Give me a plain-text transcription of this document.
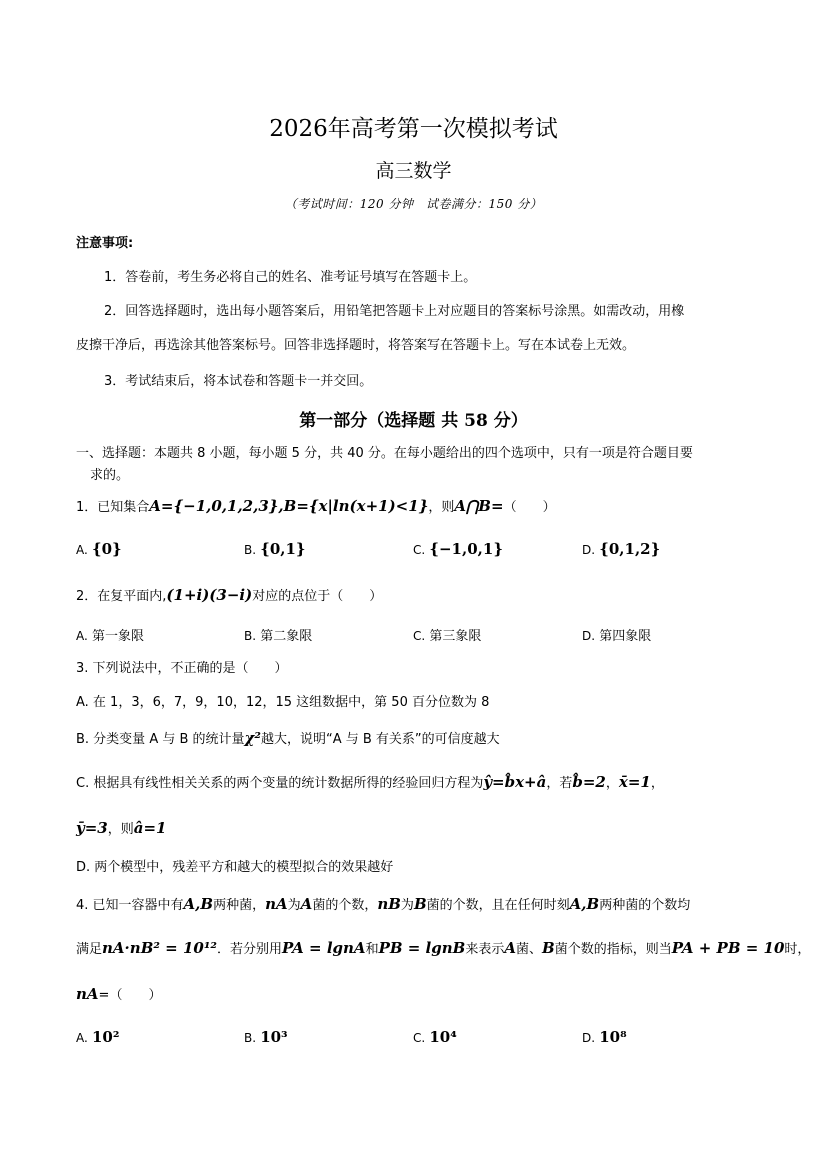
2026年高考第一次模拟考试
高三数学
（考试时间：120 分钟　试卷满分：150 分）
注意事项:
1．答卷前，考生务必将自己的姓名、准考证号填写在答题卡上。
2．回答选择题时，选出每小题答案后，用铅笔把答题卡上对应题目的答案标号涂黑。如需改动，用橡
皮擦干净后，再选涂其他答案标号。回答非选择题时，将答案写在答题卡上。写在本试卷上无效。
3．考试结束后，将本试卷和答题卡一并交回。
第一部分（选择题 共 58 分）
一、选择题：本题共 8 小题，每小题 5 分，共 40 分。在每小题给出的四个选项中，只有一项是符合题目要
求的。
1．已知集合A={−1,0,1,2,3},B={x|ln(x+1)<1}，则A⋂B=（　　）
A. {0}	B. {0,1}	C. {−1,0,1}	D. {0,1,2}
2．在复平面内,(1+i)(3−i)对应的点位于（　　）
A. 第一象限	B. 第二象限	C. 第三象限	D. 第四象限
3. 下列说法中，不正确的是（　　）
A. 在 1，3，6，7，9，10，12，15 这组数据中，第 50 百分位数为 8
B. 分类变量 A 与 B 的统计量χ²越大，说明“A 与 B 有关系”的可信度越大
C. 根据具有线性相关关系的两个变量的统计数据所得的经验回归方程为ŷ=b̂x+â，若b̂=2，x̄=1，
ȳ=3，则â=1
D. 两个模型中，残差平方和越大的模型拟合的效果越好
4. 已知一容器中有A,B两种菌，nA为A菌的个数，nB为B菌的个数，且在任何时刻A,B两种菌的个数均
满足nA·nB² = 10¹²．若分别用PA = lgnA和PB = lgnB来表示A菌、B菌个数的指标，则当PA + PB = 10时，
nA=（　　）
A. 10²	B. 10³	C. 10⁴	D. 10⁸
